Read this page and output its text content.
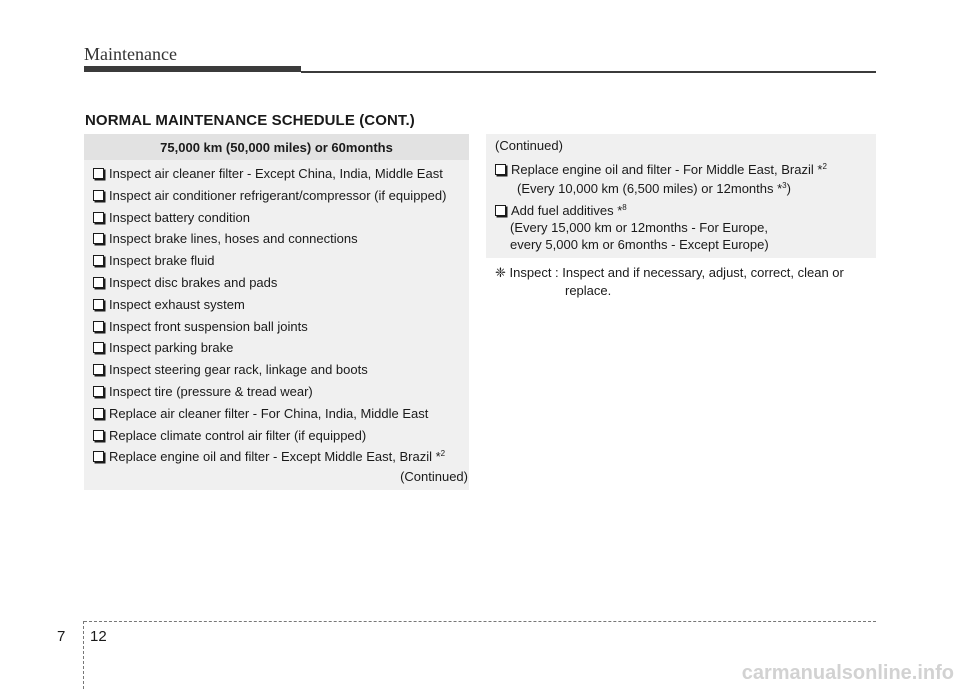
Maintenance
NORMAL MAINTENANCE SCHEDULE (CONT.)
75,000 km (50,000 miles) or 60months
Inspect air cleaner filter - Except China, India, Middle East
Inspect air conditioner refrigerant/compressor (if equipped)
Inspect battery condition
Inspect brake lines, hoses and connections
Inspect brake fluid
Inspect disc brakes and pads
Inspect exhaust system
Inspect front suspension ball joints
Inspect parking brake
Inspect steering gear rack, linkage and boots
Inspect tire (pressure & tread wear)
Replace air cleaner filter - For China, India, Middle East
Replace climate control air filter (if equipped)
Replace engine oil and filter - Except Middle East, Brazil *$^2$
(Continued)
(Continued)
Replace engine oil and filter - For Middle East, Brazil *$^2$
(Every 10,000 km (6,500 miles) or 12months *$^3$)
Add fuel additives *$^8$
(Every 15,000 km or 12months - For Europe,
every 5,000 km or 6months - Except Europe)
❈ Inspect : Inspect and if necessary, adjust, correct, clean or
replace.
7 12
carmanualsonline.info
